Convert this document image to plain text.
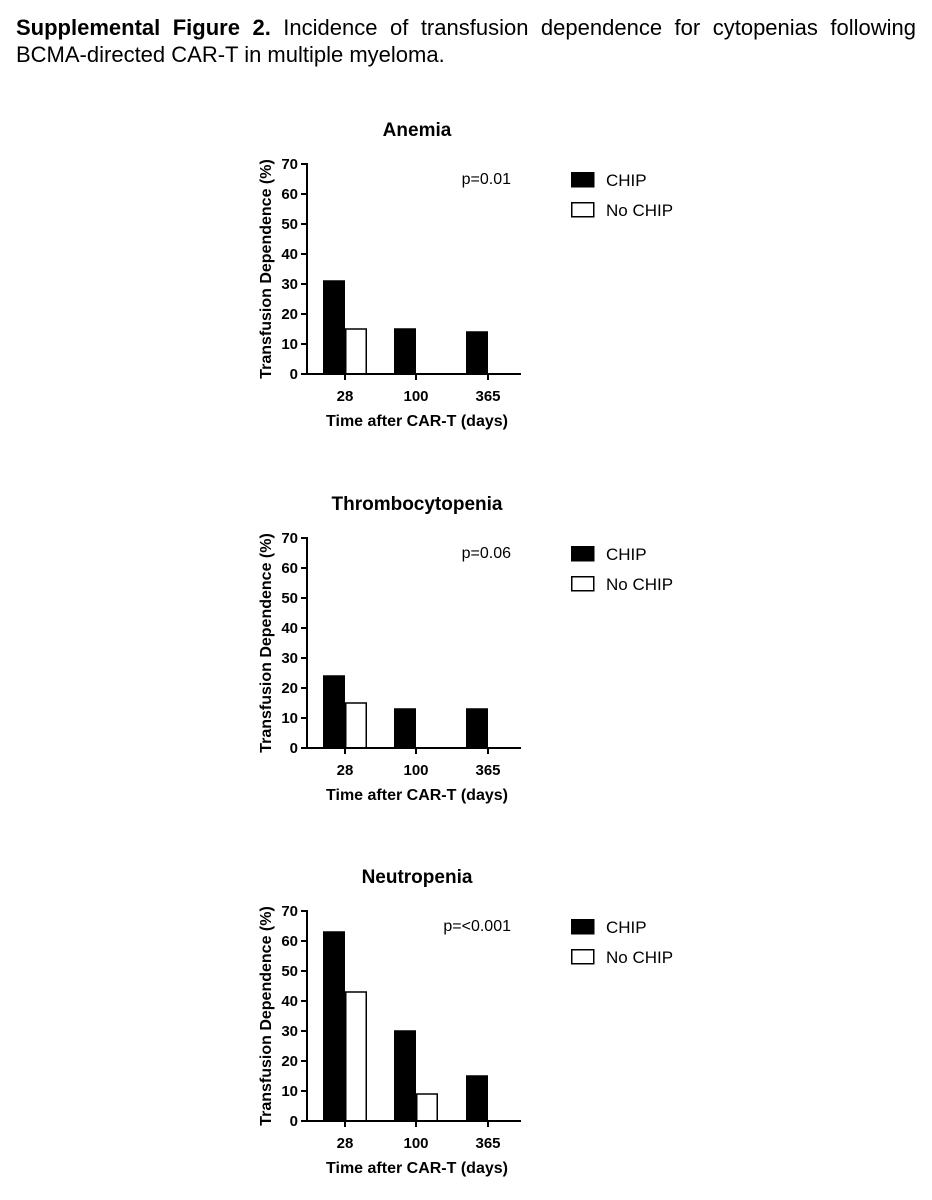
Supplemental Figure 2. Incidence of transfusion dependence for cytopenias following BCMA-directed CAR-T in multiple myeloma.
Anemia
0
10
20
30
40
50
60
70
28	100	365
Time after CAR-T (days)
Transfusion Dependence (%)	p=0.01	CHIP
No CHIP
Thrombocytopenia
0
10
20
30
40
50
60
70
28	100	365
Time after CAR-T (days)
Transfusion Dependence (%)	p=0.06	CHIP
No CHIP
Neutropenia
0
10
20
30
40
50
60
70
28	100	365
Time after CAR-T (days)
Transfusion Dependence (%)	p=<0.001	CHIP
No CHIP
